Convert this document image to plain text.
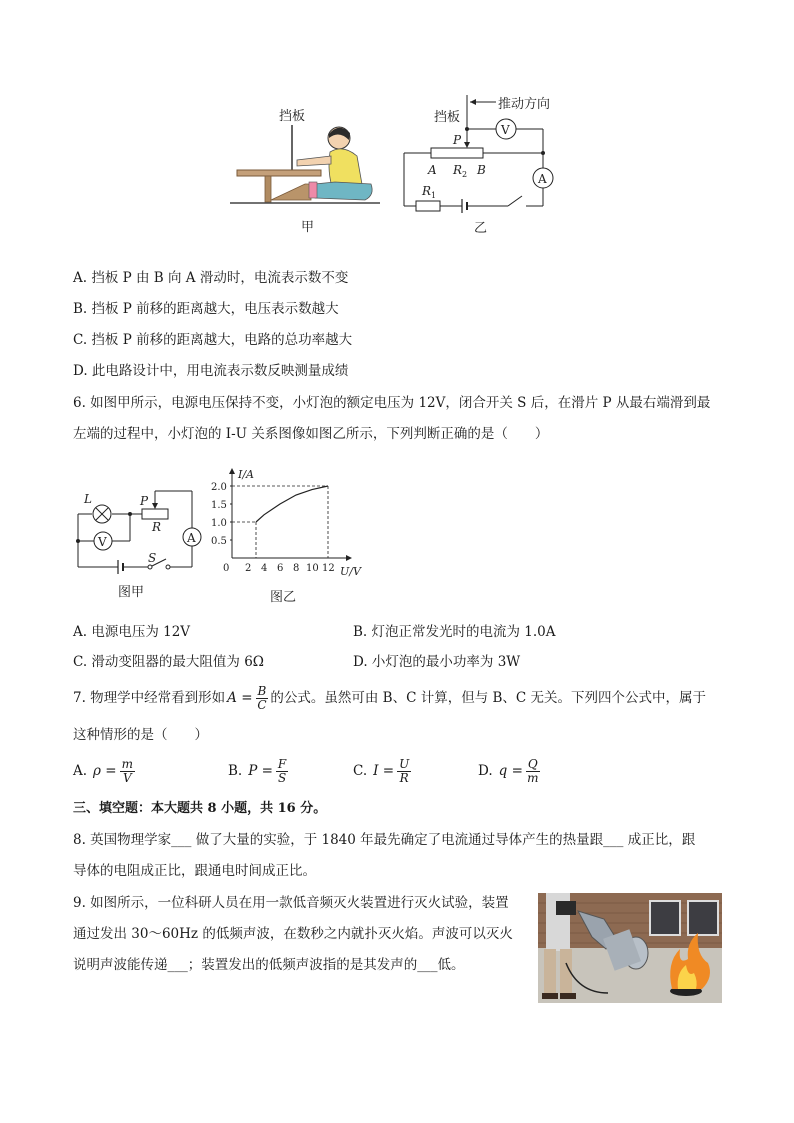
挡板
甲
挡板
推动方向
V
P
A R 2 B
A
R 1
乙
A. 挡板 P 由 B 向 A 滑动时，电流表示数不变
B. 挡板 P 前移的距离越大，电压表示数越大
C. 挡板 P 前移的距离越大，电路的总功率越大
D. 此电路设计中，用电流表示数反映测量成绩
6. 如图甲所示，电源电压保持不变，小灯泡的额定电压为 12V，闭合开关 S 后，在滑片 P 从最右端滑到最
左端的过程中，小灯泡的 I-U 关系图像如图乙所示，下列判断正确的是（　　）
L	P
R
S
A
V
图甲
I/A
U/V
0 2 4 6 8 10 12
0.5
1.0
1.5
2.0
图乙
A. 电源电压为 12V	B. 灯泡正常发光时的电流为 1.0A
C. 滑动变阻器的最大阻值为 6Ω	D. 小灯泡的最小功率为 3W
7. 物理学中经常看到形如 $A = \frac{B}{C}$ 的公式。虽然可由 B、C 计算，但与 B、C 无关。下列四个公式中，属于
这种情形的是（　　）
A. $\rho = \frac{m}{V}$	B. $P = \frac{F}{S}$	C. $I = \frac{U}{R}$	D. $q = \frac{Q}{m}$
三、填空题：本大题共 8 小题，共 16 分。
8. 英国物理学家___ 做了大量的实验，于 1840 年最先确定了电流通过导体产生的热量跟___ 成正比，跟
导体的电阻成正比，跟通电时间成正比。
9. 如图所示，一位科研人员在用一款低音频灭火装置进行灭火试验，装置
通过发出 30～60Hz 的低频声波，在数秒之内就扑灭火焰。声波可以灭火
说明声波能传递___；装置发出的低频声波指的是其发声的___低。
